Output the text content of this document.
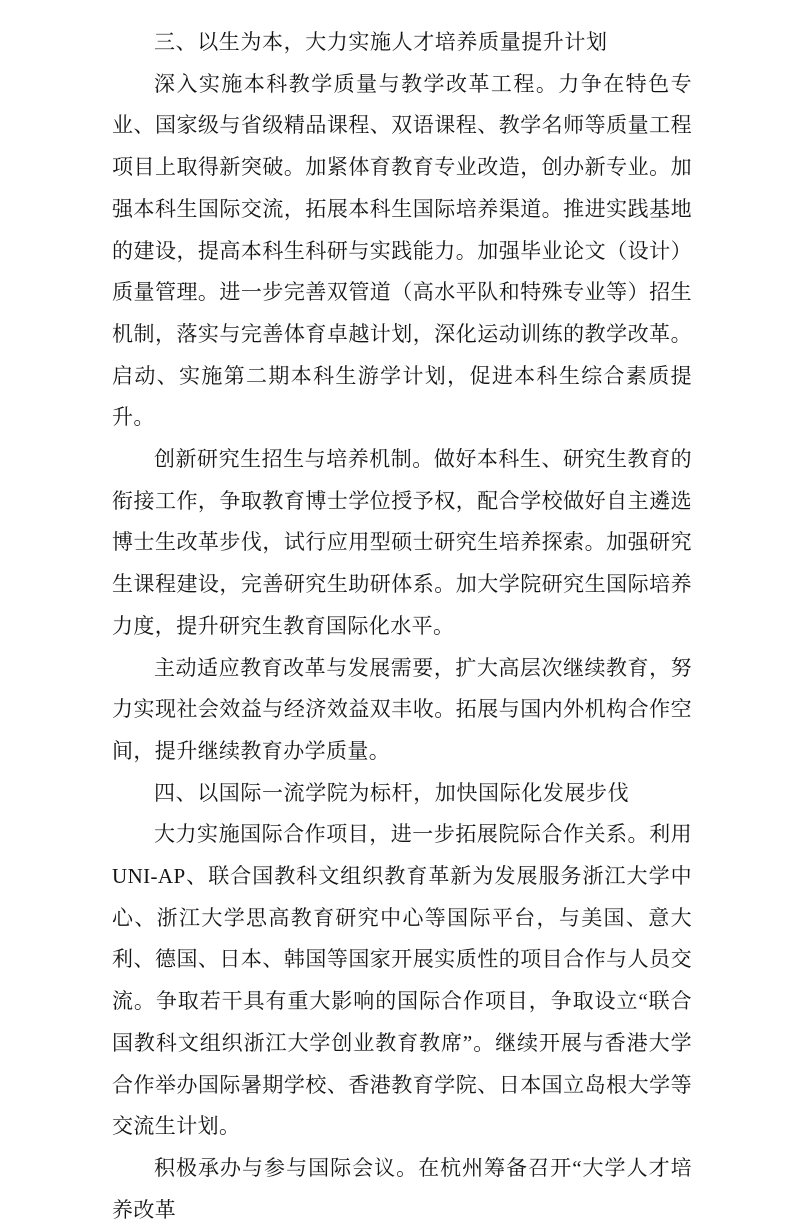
三、以生为本，大力实施人才培养质量提升计划

深入实施本科教学质量与教学改革工程。力争在特色专业、国家级与省级精品课程、双语课程、教学名师等质量工程项目上取得新突破。加紧体育教育专业改造，创办新专业。加强本科生国际交流，拓展本科生国际培养渠道。推进实践基地的建设，提高本科生科研与实践能力。加强毕业论文（设计）质量管理。进一步完善双管道（高水平队和特殊专业等）招生机制，落实与完善体育卓越计划，深化运动训练的教学改革。启动、实施第二期本科生游学计划，促进本科生综合素质提升。

创新研究生招生与培养机制。做好本科生、研究生教育的衔接工作，争取教育博士学位授予权，配合学校做好自主遴选博士生改革步伐，试行应用型硕士研究生培养探索。加强研究生课程建设，完善研究生助研体系。加大学院研究生国际培养力度，提升研究生教育国际化水平。

主动适应教育改革与发展需要，扩大高层次继续教育，努力实现社会效益与经济效益双丰收。拓展与国内外机构合作空间，提升继续教育办学质量。

四、以国际一流学院为标杆，加快国际化发展步伐

大力实施国际合作项目，进一步拓展院际合作关系。利用 UNI-AP、联合国教科文组织教育革新为发展服务浙江大学中心、浙江大学思高教育研究中心等国际平台，与美国、意大利、德国、日本、韩国等国家开展实质性的项目合作与人员交流。争取若干具有重大影响的国际合作项目，争取设立“联合国教科文组织浙江大学创业教育教席”。继续开展与香港大学合作举办国际暑期学校、香港教育学院、日本国立岛根大学等交流生计划。

积极承办与参与国际会议。在杭州筹备召开“大学人才培养改革
